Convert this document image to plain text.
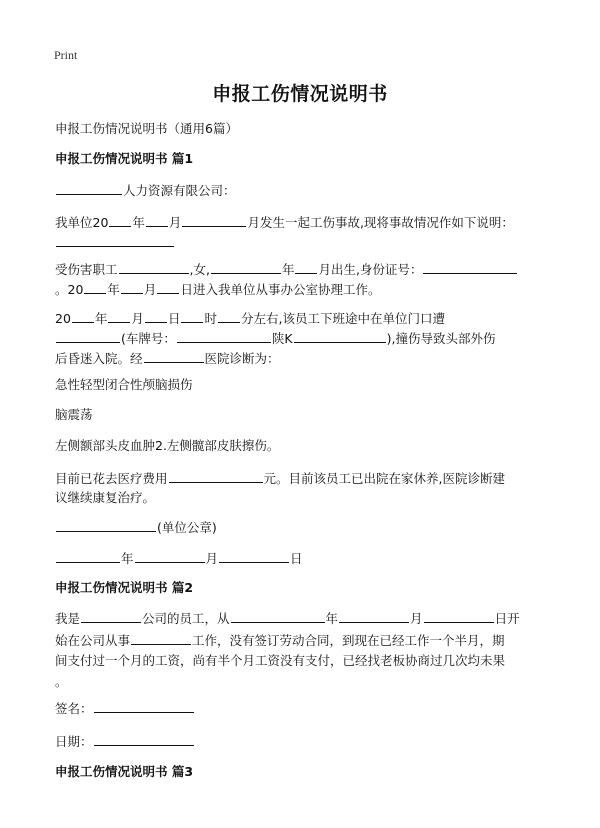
Print
申报工伤情况说明书
申报工伤情况说明书（通用6篇）
申报工伤情况说明书 篇1
人力资源有限公司：
我单位20 年 月	月发生一起工伤事故,现将事故情况作如下说明：
受伤害职工	,女,	年 月出生,身份证号：
。20 年 月 日进入我单位从事办公室协理工作。
20 年 月 日 时 分左右,该员工下班途中在单位门口遭
(车牌号：	陕K	),撞伤导致头部外伤
后昏迷入院。经	医院诊断为：
急性轻型闭合性颅脑损伤
脑震荡
左侧额部头皮血肿2.左侧髋部皮肤擦伤。
目前已花去医疗费用	元。目前该员工已出院在家休养,医院诊断建
议继续康复治疗。
(单位公章)
年	月	日
申报工伤情况说明书 篇2
我是	公司的员工，从	年	月	日开
始在公司从事	工作，没有签订劳动合同，到现在已经工作一个半月，期
间支付过一个月的工资，尚有半个月工资没有支付，已经找老板协商过几次均未果
。
签名：
日期：
申报工伤情况说明书 篇3
